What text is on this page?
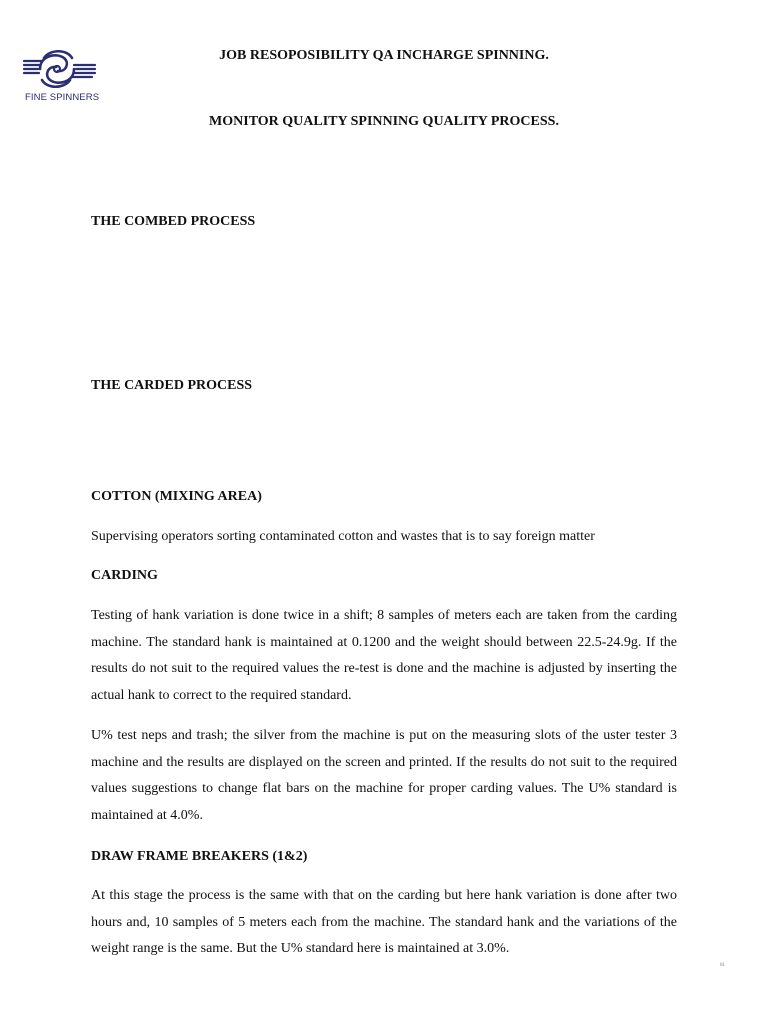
FINE SPINNERS
JOB RESOPOSIBILITY QA INCHARGE SPINNING.
MONITOR QUALITY SPINNING QUALITY PROCESS.
THE COMBED PROCESS
THE CARDED PROCESS
COTTON (MIXING AREA)

Supervising operators sorting contaminated cotton and wastes that is to say foreign matter

CARDING

Testing of hank variation is done twice in a shift; 8 samples of meters each are taken from the carding machine. The standard hank is maintained at 0.1200 and the weight should between 22.5-24.9g. If the results do not suit to the required values the re-test is done and the machine is adjusted by inserting the actual hank to correct to the required standard.

U% test neps and trash; the silver from the machine is put on the measuring slots of the uster tester 3 machine and the results are displayed on the screen and printed. If the results do not suit to the required values suggestions to change flat bars on the machine for proper carding values. The U% standard is maintained at 4.0%.

DRAW FRAME BREAKERS (1&2)

At this stage the process is the same with that on the carding but here hank variation is done after two hours and, 10 samples of 5 meters each from the machine. The standard hank and the variations of the weight range is the same. But the U% standard here is maintained at 3.0%.

61
